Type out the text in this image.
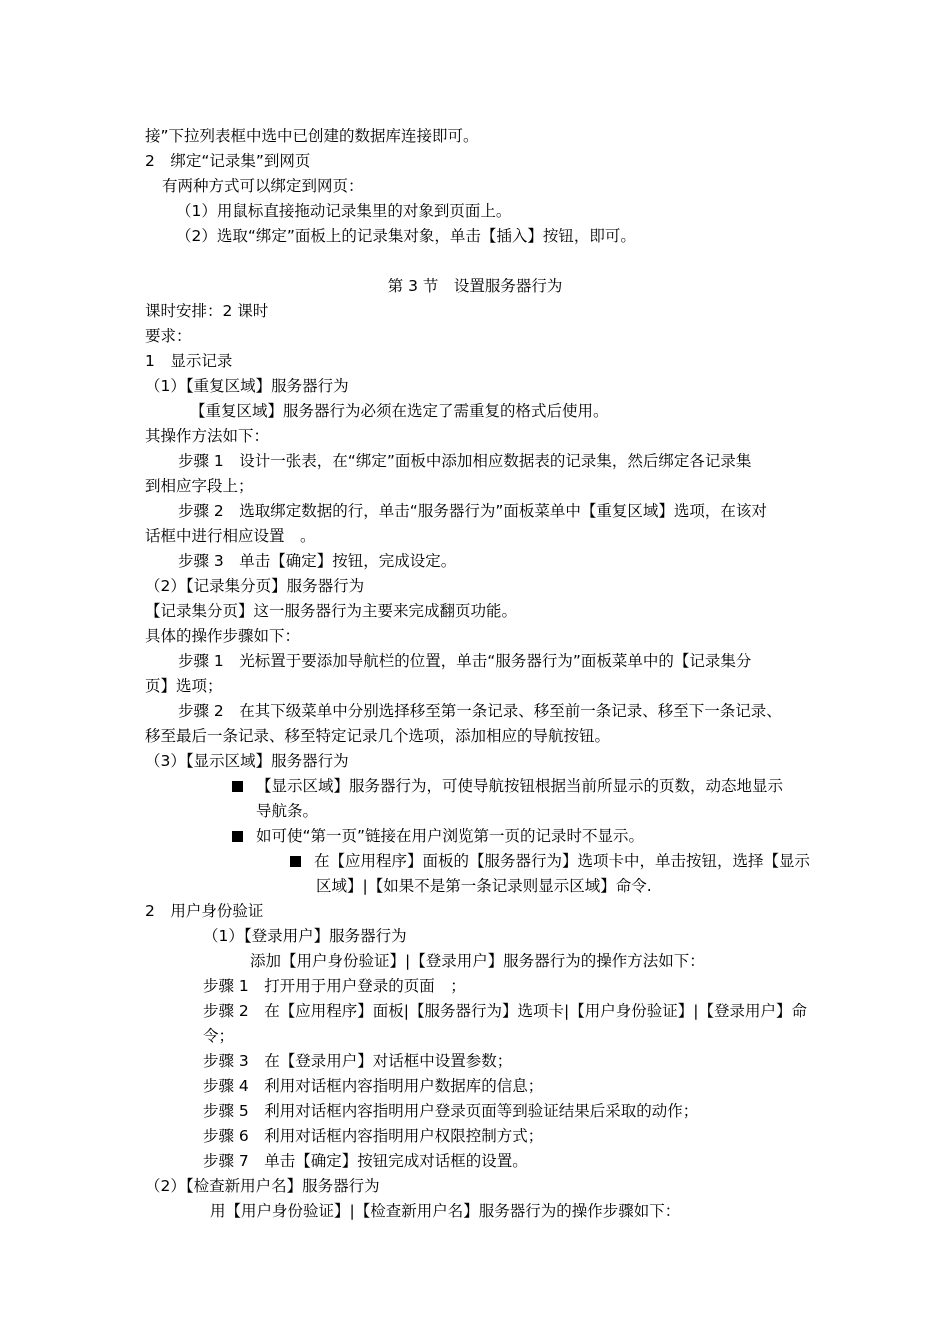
接”下拉列表框中选中已创建的数据库连接即可。
2　绑定“记录集”到网页
有两种方式可以绑定到网页：
（1）用鼠标直接拖动记录集里的对象到页面上。
（2）选取“绑定”面板上的记录集对象，单击【插入】按钮，即可。
第 3 节　设置服务器行为
课时安排：2 课时
要求：
1　显示记录
（1）【重复区域】服务器行为
【重复区域】服务器行为必须在选定了需重复的格式后使用。
其操作方法如下：
步骤 1　设计一张表，在“绑定”面板中添加相应数据表的记录集，然后绑定各记录集
到相应字段上；
步骤 2　选取绑定数据的行，单击“服务器行为”面板菜单中【重复区域】选项，在该对
话框中进行相应设置　。
步骤 3　单击【确定】按钮，完成设定。
（2）【记录集分页】服务器行为
【记录集分页】这一服务器行为主要来完成翻页功能。
具体的操作步骤如下：
步骤 1　光标置于要添加导航栏的位置，单击“服务器行为”面板菜单中的【记录集分
页】选项；
步骤 2　在其下级菜单中分别选择移至第一条记录、移至前一条记录、移至下一条记录、
移至最后一条记录、移至特定记录几个选项，添加相应的导航按钮。
（3）【显示区域】服务器行为
【显示区域】服务器行为，可使导航按钮根据当前所显示的页数，动态地显示
导航条。
如可使“第一页”链接在用户浏览第一页的记录时不显示。
在【应用程序】面板的【服务器行为】选项卡中，单击按钮，选择【显示
区域】|【如果不是第一条记录则显示区域】命令.
2　用户身份验证
（1）【登录用户】服务器行为
添加【用户身份验证】|【登录用户】服务器行为的操作方法如下：
步骤 1　打开用于用户登录的页面　；
步骤 2　在【应用程序】面板|【服务器行为】选项卡|【用户身份验证】|【登录用户】命
令；
步骤 3　在【登录用户】对话框中设置参数；
步骤 4　利用对话框内容指明用户数据库的信息；
步骤 5　利用对话框内容指明用户登录页面等到验证结果后采取的动作；
步骤 6　利用对话框内容指明用户权限控制方式；
步骤 7　单击【确定】按钮完成对话框的设置。
（2）【检查新用户名】服务器行为
用【用户身份验证】|【检查新用户名】服务器行为的操作步骤如下：
